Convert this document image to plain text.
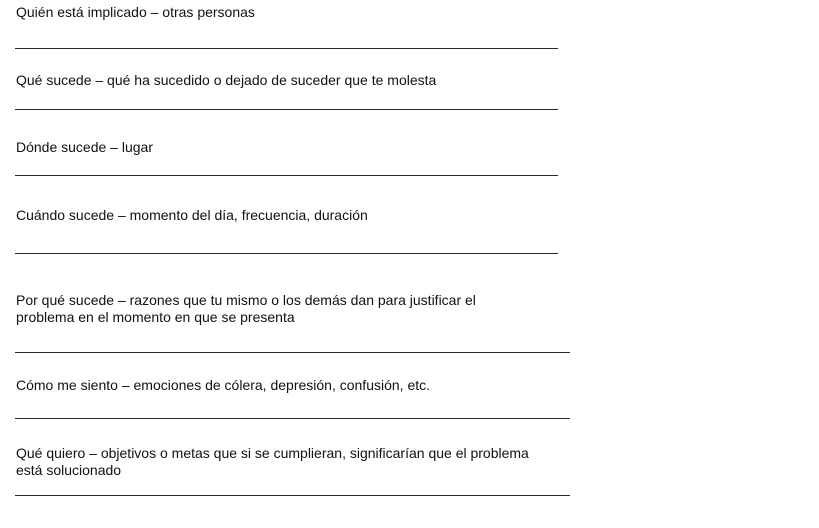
Quién está implicado – otras personas
Qué sucede – qué ha sucedido o dejado de suceder que te molesta
Dónde sucede – lugar
Cuándo sucede – momento del día, frecuencia, duración
Por qué sucede – razones que tu mismo o los demás dan para justificar el
problema en el momento en que se presenta
Cómo me siento – emociones de cólera, depresión, confusión, etc.
Qué quiero – objetivos o metas que si se cumplieran, significarían que el problema
está solucionado
